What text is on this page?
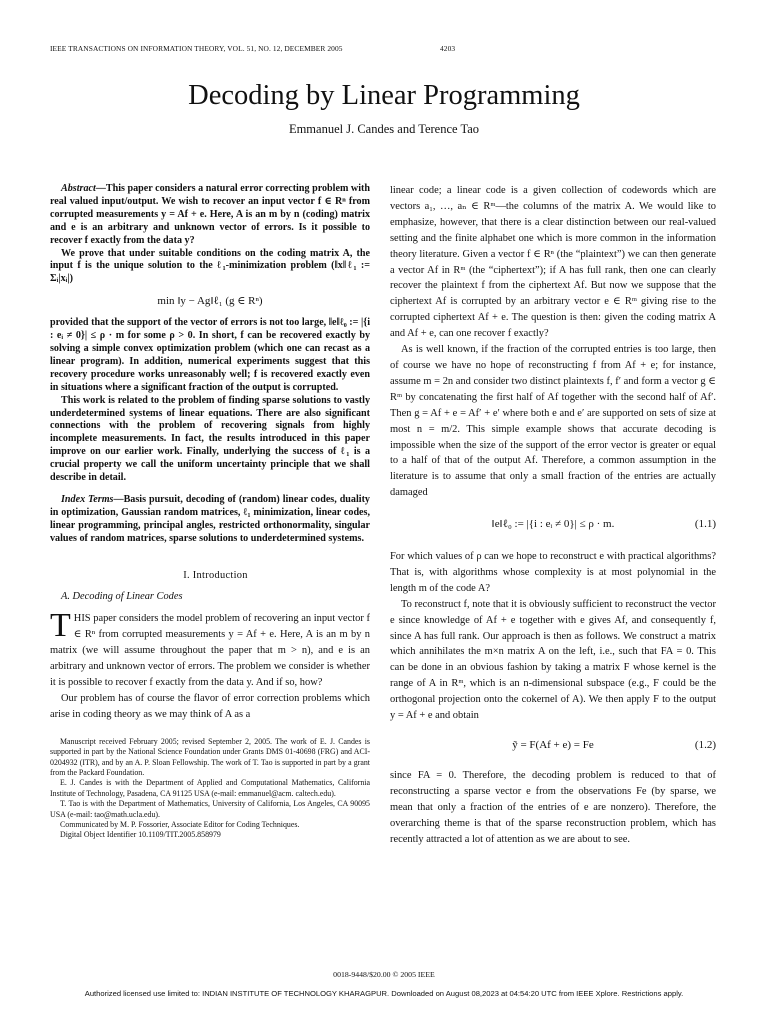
IEEE TRANSACTIONS ON INFORMATION THEORY, VOL. 51, NO. 12, DECEMBER 2005	4203
Decoding by Linear Programming
Emmanuel J. Candes and Terence Tao

Abstract—This paper considers a natural error correcting problem with real valued input/output. We wish to recover an input vector f ∈ Rⁿ from corrupted measurements y = Af + e. Here, A is an m by n (coding) matrix and e is an arbitrary and unknown vector of errors. Is it possible to recover f exactly from the data y?

We prove that under suitable conditions on the coding matrix A, the input f is the unique solution to the ℓ₁-minimization problem (‖x‖ℓ₁ := Σᵢ|xᵢ|)

min ‖y − Ag‖ℓ₁ (g ∈ Rⁿ)

provided that the support of the vector of errors is not too large, ‖e‖ℓ₀ := |{i : eᵢ ≠ 0}| ≤ ρ · m for some ρ > 0. In short, f can be recovered exactly by solving a simple convex optimization problem (which one can recast as a linear program). In addition, numerical experiments suggest that this recovery procedure works unreasonably well; f is recovered exactly even in situations where a significant fraction of the output is corrupted.

This work is related to the problem of finding sparse solutions to vastly underdetermined systems of linear equations. There are also significant connections with the problem of recovering signals from highly incomplete measurements. In fact, the results introduced in this paper improve on our earlier work. Finally, underlying the success of ℓ₁ is a crucial property we call the uniform uncertainty principle that we shall describe in detail.

Index Terms—Basis pursuit, decoding of (random) linear codes, duality in optimization, Gaussian random matrices, ℓ₁ minimization, linear codes, linear programming, principal angles, restricted orthonormality, singular values of random matrices, sparse solutions to underdetermined systems.

I. Introduction

A. Decoding of Linear Codes

THIS paper considers the model problem of recovering an input vector f ∈ Rⁿ from corrupted measurements y = Af + e. Here, A is an m by n matrix (we will assume throughout the paper that m > n), and e is an arbitrary and unknown vector of errors. The problem we consider is whether it is possible to recover f exactly from the data y. And if so, how?

Our problem has of course the flavor of error correction problems which arise in coding theory as we may think of A as a

Manuscript received February 2005; revised September 2, 2005. The work of E. J. Candes is supported in part by the National Science Foundation under Grants DMS 01-40698 (FRG) and ACI-0204932 (ITR), and by an A. P. Sloan Fellowship. The work of T. Tao is supported in part by a grant from the Packard Foundation.

E. J. Candes is with the Department of Applied and Computational Mathematics, California Institute of Technology, Pasadena, CA 91125 USA (e-mail: emmanuel@acm. caltech.edu).

T. Tao is with the Department of Mathematics, University of California, Los Angeles, CA 90095 USA (e-mail: tao@math.ucla.edu).

Communicated by M. P. Fossorier, Associate Editor for Coding Techniques.

Digital Object Identifier 10.1109/TIT.2005.858979

linear code; a linear code is a given collection of codewords which are vectors a₁, …, aₙ ∈ Rᵐ—the columns of the matrix A. We would like to emphasize, however, that there is a clear distinction between our real-valued setting and the finite alphabet one which is more common in the information theory literature. Given a vector f ∈ Rⁿ (the “plaintext”) we can then generate a vector Af in Rᵐ (the “ciphertext”); if A has full rank, then one can clearly recover the plaintext f from the ciphertext Af. But now we suppose that the ciphertext Af is corrupted by an arbitrary vector e ∈ Rᵐ giving rise to the corrupted ciphertext Af + e. The question is then: given the coding matrix A and Af + e, can one recover f exactly?

As is well known, if the fraction of the corrupted entries is too large, then of course we have no hope of reconstructing f from Af + e; for instance, assume m = 2n and consider two distinct plaintexts f, f′ and form a vector g ∈ Rᵐ by concatenating the first half of Af together with the second half of Af′. Then g = Af + e = Af′ + e′ where both e and e′ are supported on sets of size at most n = m/2. This simple example shows that accurate decoding is impossible when the size of the support of the error vector is greater or equal to a half of that of the output Af. Therefore, a common assumption in the literature is to assume that only a small fraction of the entries are actually damaged

‖e‖ℓ₀ := |{i : eᵢ ≠ 0}| ≤ ρ · m.	(1.1)

For which values of ρ can we hope to reconstruct e with practical algorithms? That is, with algorithms whose complexity is at most polynomial in the length m of the code A?

To reconstruct f, note that it is obviously sufficient to reconstruct the vector e since knowledge of Af + e together with e gives Af, and consequently f, since A has full rank. Our approach is then as follows. We construct a matrix which annihilates the m×n matrix A on the left, i.e., such that FA = 0. This can be done in an obvious fashion by taking a matrix F whose kernel is the range of A in Rᵐ, which is an n-dimensional subspace (e.g., F could be the orthogonal projection onto the cokernel of A). We then apply F to the output y = Af + e and obtain

ỹ = F(Af + e) = Fe	(1.2)

since FA = 0. Therefore, the decoding problem is reduced to that of reconstructing a sparse vector e from the observations Fe (by sparse, we mean that only a fraction of the entries of e are nonzero). Therefore, the overarching theme is that of the sparse reconstruction problem, which has recently attracted a lot of attention as we are about to see.

0018-9448/$20.00 © 2005 IEEE
Authorized licensed use limited to: INDIAN INSTITUTE OF TECHNOLOGY KHARAGPUR. Downloaded on August 08,2023 at 04:54:20 UTC from IEEE Xplore. Restrictions apply.
